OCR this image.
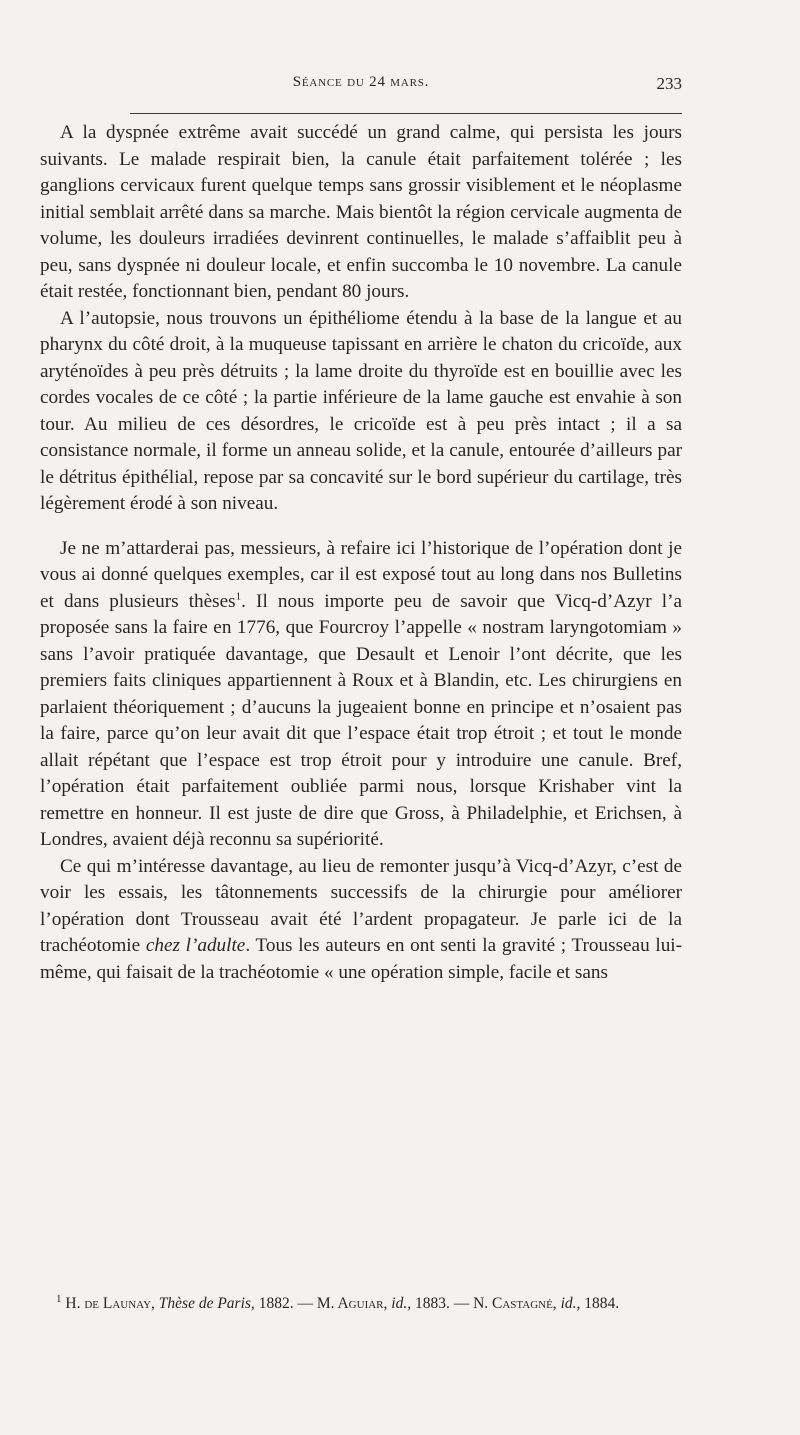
Séance du 24 mars.	233

A la dyspnée extrême avait succédé un grand calme, qui persista les jours suivants. Le malade respirait bien, la canule était parfaitement tolérée ; les ganglions cervicaux furent quelque temps sans grossir visiblement et le néoplasme initial semblait arrêté dans sa marche. Mais bientôt la région cervicale augmenta de volume, les douleurs irradiées devinrent continuelles, le malade s’affaiblit peu à peu, sans dyspnée ni douleur locale, et enfin succomba le 10 novembre. La canule était restée, fonctionnant bien, pendant 80 jours.

A l’autopsie, nous trouvons un épithéliome étendu à la base de la langue et au pharynx du côté droit, à la muqueuse tapissant en arrière le chaton du cricoïde, aux aryténoïdes à peu près détruits ; la lame droite du thyroïde est en bouillie avec les cordes vocales de ce côté ; la partie inférieure de la lame gauche est envahie à son tour. Au milieu de ces désordres, le cricoïde est à peu près intact ; il a sa consistance normale, il forme un anneau solide, et la canule, entourée d’ailleurs par le détritus épithélial, repose par sa concavité sur le bord supérieur du cartilage, très légèrement érodé à son niveau.

Je ne m’attarderai pas, messieurs, à refaire ici l’historique de l’opération dont je vous ai donné quelques exemples, car il est exposé tout au long dans nos Bulletins et dans plusieurs thèses$^1$. Il nous importe peu de savoir que Vicq-d’Azyr l’a proposée sans la faire en 1776, que Fourcroy l’appelle « nostram laryngotomiam » sans l’avoir pratiquée davantage, que Desault et Lenoir l’ont décrite, que les premiers faits cliniques appartiennent à Roux et à Blandin, etc. Les chirurgiens en parlaient théoriquement ; d’aucuns la jugeaient bonne en principe et n’osaient pas la faire, parce qu’on leur avait dit que l’espace était trop étroit ; et tout le monde allait répétant que l’espace est trop étroit pour y introduire une canule. Bref, l’opération était parfaitement oubliée parmi nous, lorsque Krishaber vint la remettre en honneur. Il est juste de dire que Gross, à Philadelphie, et Erichsen, à Londres, avaient déjà reconnu sa supériorité.

Ce qui m’intéresse davantage, au lieu de remonter jusqu’à Vicq-d’Azyr, c’est de voir les essais, les tâtonnements successifs de la chirurgie pour améliorer l’opération dont Trousseau avait été l’ardent propagateur. Je parle ici de la trachéotomie chez l’adulte. Tous les auteurs en ont senti la gravité ; Trousseau lui-même, qui faisait de la trachéotomie « une opération simple, facile et sans

$^1$ H. de Launay, Thèse de Paris, 1882. — M. Aguiar, id., 1883. — N. Castagné, id., 1884.
